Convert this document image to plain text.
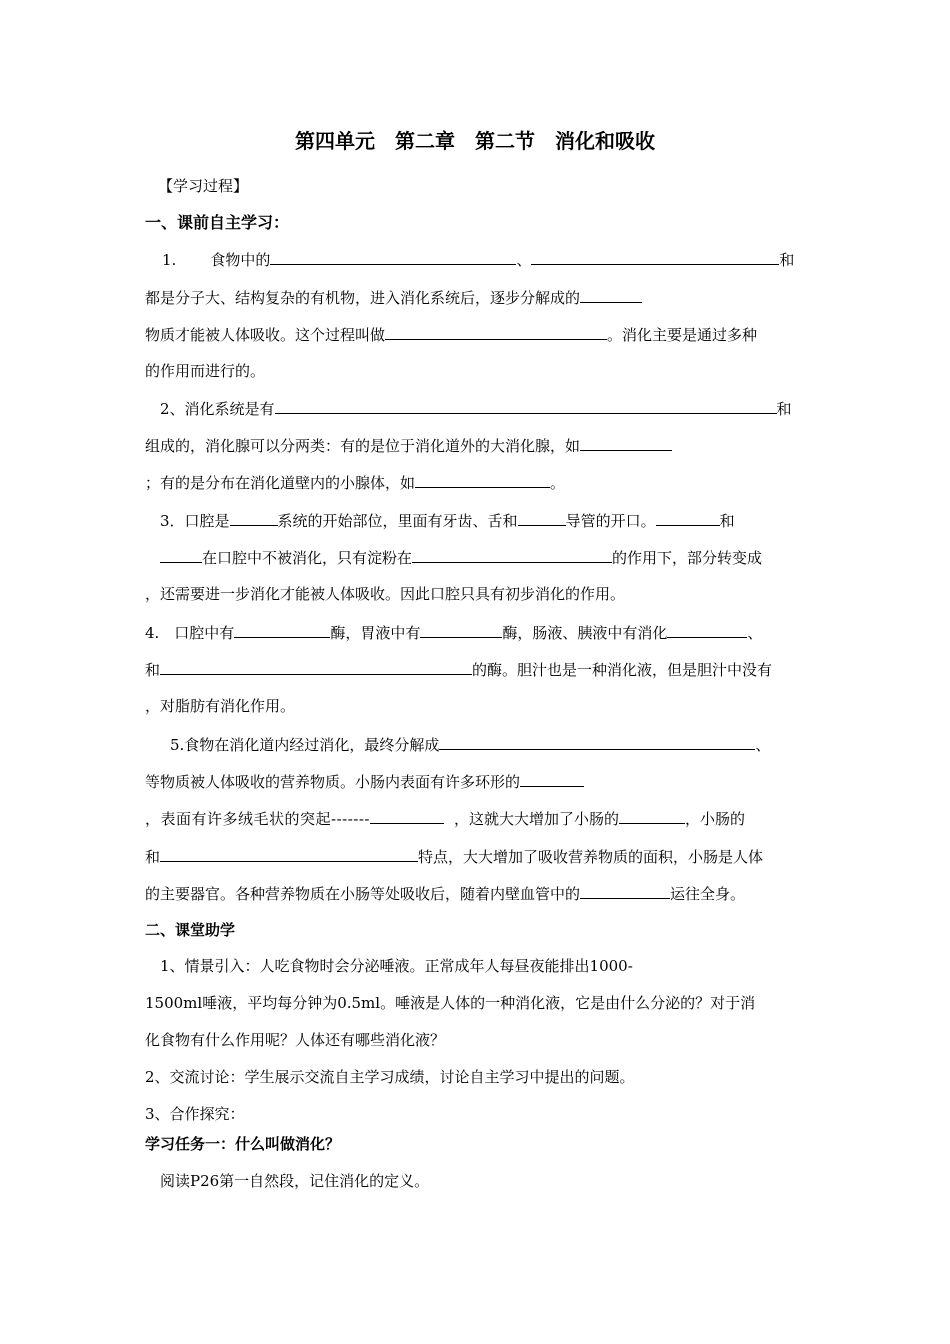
第四单元　第二章　第二节　消化和吸收
【学习过程】
一、课前自主学习：
1. 食物中的	、	和
都是分子大、结构复杂的有机物，进入消化系统后，逐步分解成的
物质才能被人体吸收。这个过程叫做	。消化主要是通过多种
的作用而进行的。
2、消化系统是有	和
组成的，消化腺可以分两类：有的是位于消化道外的大消化腺，如
；有的是分布在消化道壁内的小腺体，如	。
3．口腔是	系统的开始部位，里面有牙齿、舌和	导管的开口。	和
在口腔中不被消化，只有淀粉在	的作用下，部分转变成
，还需要进一步消化才能被人体吸收。因此口腔只具有初步消化的作用。
4.　口腔中有	酶，胃液中有	酶，肠液、胰液中有消化	、
和	的酶。胆汁也是一种消化液，但是胆汁中没有
，对脂肪有消化作用。
5.食物在消化道内经过消化，最终分解成	、
等物质被人体吸收的营养物质。小肠内表面有许多环形的
，表面有许多绒毛状的突起-------	，这就大大增加了小肠的	，小肠的
和	特点，大大增加了吸收营养物质的面积，小肠是人体
的主要器官。各种营养物质在小肠等处吸收后，随着内壁血管中的	运往全身。
二、课堂助学
1、情景引入：人吃食物时会分泌唾液。正常成年人每昼夜能排出1000-
1500ml唾液，平均每分钟为0.5ml。唾液是人体的一种消化液，它是由什么分泌的？对于消
化食物有什么作用呢？人体还有哪些消化液？
2、交流讨论：学生展示交流自主学习成绩，讨论自主学习中提出的问题。
3、合作探究：
学习任务一：什么叫做消化？
阅读P26第一自然段，记住消化的定义。
